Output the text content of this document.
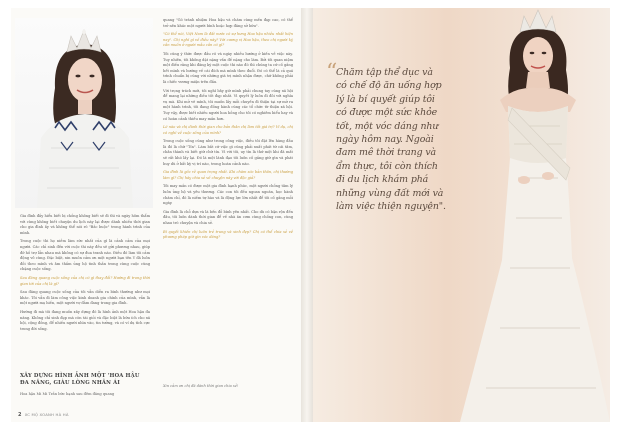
Gia đình đầy hiểu biết bị chồng không biết sẽ đi thì và ngày hôm thẩm với cùng không biết chuyện du lịch này lại được dành nhiều thời gian cho gia đình ấy và không thể nói rõ "Bắc buộc" trong hành trình của mình.

Trong cuộc thi họ niềm làm sức nhất của gì là cảnh cảm của mọi người. Các chỉ sinh đến với cuộc thi này đều sẽ gửi phương nhau, giúp đỡ hồ trợ lẫn nhau mà không có sự đua tranh nào. Điều đó làm tôi cảm động vô cùng. Đặc biệt, xin muôn cảm ơn một người bạn tên Y đã luôn đồi theo mình và âm thầm ủng hộ tinh thần trong cùng cuộc cùng chặng cuộc sống.

Sau đăng quang cuộc sống của chị có gì thay đổi? Hướng đi trong thời gian tới của chị là gì?

Sau đăng quang cuộc sống của tôi vẫn diễn ra bình thường như mọi khác. Tôi vẫn đi làm công việc kinh doanh gia chính của mình, vẫn là một người mẹ hiền, một người vợ đảm đang trong gia đình.

Hướng đi mà tôi đang muốn xây dựng đó là hình ảnh một Hoa hậu đa năng. Không chỉ sinh đẹp mà còn tài giỏi và đặc biệt là hữu ích cho xã hội, cộng đồng, để nhiều người nhìn vào, tin tưởng, và có ví dụ tích cực trong đời sống.

XÂY DỰNG HÌNH ẢNH MỘT 'HOA HẬU ĐA NĂNG, GIÀU LÒNG NHÂN ÁI
Hoa hậu Mi Mi Trần bức hạnh sau đêm đăng quang

quang "Gõ tránh nhiệm Hoa hậu và chăm cùng mến đẹp cao, có thể trở nên khác một người bình hoặc hợp đăng sở hữu".

"Có thể nói, Việt Nam là đất nước có sự hưng Hoa hậu nhiều nhất hiện nay". Chị nghĩ gì về điều này? Với cương vị Hoa hậu, theo chị người kỳ cần muốn ở người mẫu cần có gì?

Tôi cũng ý thức được đầu rõ và ngày nhiều hướng ở kiến về việc này. Tuy nhiên, tôi không dặt nặng vấn đề nặng cho làm. Bởi tôi quan niệm một điều rằng khi đăng ký một cuộc thi nào đó thì chúng ta cứ cố gắng hết mình và hướng về cái đích mà mình theo đuổi. Đó có thể là cả quá trình chuẩn bị cùng với những giá trị mình nhận được, chứ không phải là chiếc vương miện trên đầu.

Với trọng trách mới, tôi nghĩ bây giờ mình phải chung tay cùng xã hội để mang lại những điều tốt đẹp nhất. Vì quyết lý luôn đi đôi với nghĩa vụ mà. Khi mở vẽ mình, tôi muốn lấy mỗi chuyến đi thiện tại sự mở ra một hành trình, tôi đang đồng hành cùng các tổ chức từ thiện xã hội. Tuy vậy, được biết nhiều người hoa hồng cho tôi có nghiêm hiểu hay và có hoàn cảnh thiếu may mắn hơn.

Lẽ nào và chị dành thời gian cho bản thân chị làm tốt giá trị? Ví dụ, chị có nghĩ về cuộc sống của mình?

Trong cuộc sống cũng như trong công việc, điều tôi đặt lên hàng đầu là đó là chữ "Tín". Làm bất cứ việc gì cũng phải xuất phát từ cái tâm, chân thành và biết giữ chữ tín. Vì với tôi, uy tín là thứ một khi đã mất sẽ rất khó lấy lại. Đó là một lãnh đạo tôi luôn cố gắng giữ gìn và phát huy dù ở bất kỳ vị trí nào, trong hoàn cảnh nào.

Gia đình là gốc rễ quan trọng nhất. Khi chăm sóc bản thân, chị thường làm gì? Chị hãy chia sẻ về chuyện này với độc giả?

Tôi may mắn có được một gia đình hạnh phúc, một người chồng tâm lý luôn ủng hộ và yêu thương. Các con tôi đều ngoan ngoãn, học hành chăm chỉ, đó là niềm tự hào và là động lực lớn nhất để tôi cố gắng mỗi ngày.

Gia đình là chỗ dựa và là bến đỗ bình yên nhất. Cho dù có bận rộn đến đâu, tôi luôn dành thời gian để về nhà ăn cơm cùng chồng con, cùng nhau trò chuyện và chia sẻ.

Bí quyết khiến chị luôn trẻ trung và xinh đẹp? Chị có thể chia sẻ về phương pháp giữ gìn vóc dáng?

Xin cảm ơn chị đã dành thời gian chia sẻ!
2 XC MỘ XOANH HÀ HÀ
“
Chăm tập thể dục và có chế độ ăn uống hợp lý là bí quyết giúp tôi có được một sức khỏe tốt, một vóc dáng như ngày hôm nay. Ngoài đam mê thời trang và ẩm thực, tôi còn thích đi du lịch khám phá những vùng đất mới và làm việc thiện nguyện".
